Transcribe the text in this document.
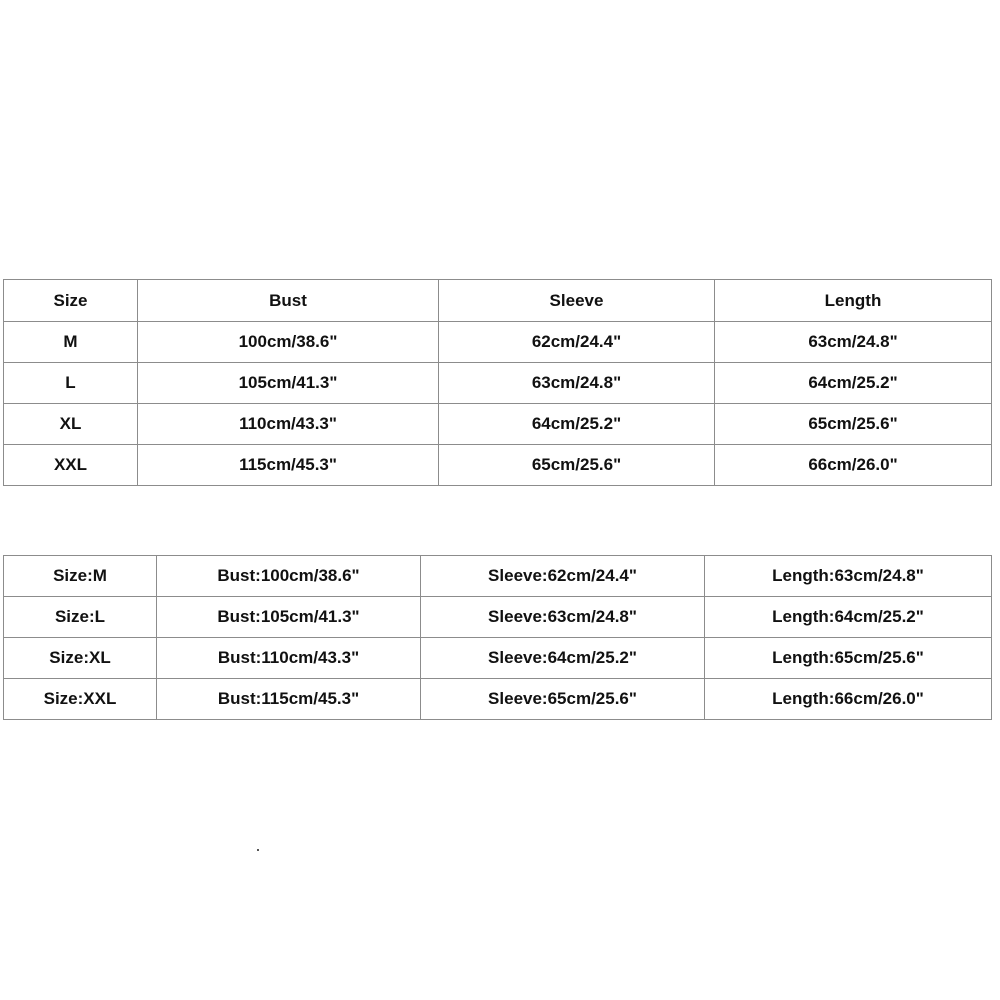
Size	Bust	Sleeve	Length
M	100cm/38.6"	62cm/24.4"	63cm/24.8"
L	105cm/41.3"	63cm/24.8"	64cm/25.2"
XL	110cm/43.3"	64cm/25.2"	65cm/25.6"
XXL	115cm/45.3"	65cm/25.6"	66cm/26.0"
Size:M	Bust:100cm/38.6"	Sleeve:62cm/24.4"	Length:63cm/24.8"
Size:L	Bust:105cm/41.3"	Sleeve:63cm/24.8"	Length:64cm/25.2"
Size:XL	Bust:110cm/43.3"	Sleeve:64cm/25.2"	Length:65cm/25.6"
Size:XXL	Bust:115cm/45.3"	Sleeve:65cm/25.6"	Length:66cm/26.0"
